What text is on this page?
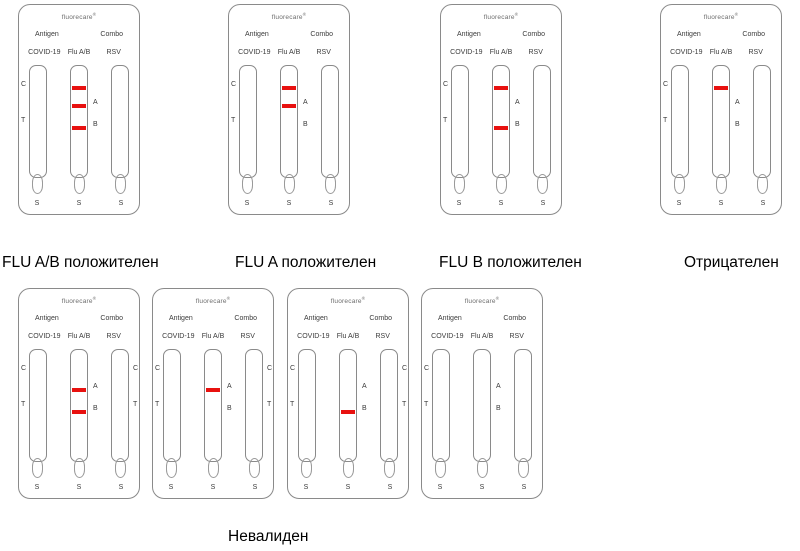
fluorecare®
Antigen	Combo
COVID-19	Flu A/B	RSV
C
T
A
B
S	S	S
fluorecare®
Antigen	Combo
COVID-19	Flu A/B	RSV
C
T
A
B
S	S	S
fluorecare®
Antigen	Combo
COVID-19	Flu A/B	RSV
C
T
A
B
S	S	S
fluorecare®
Antigen	Combo
COVID-19	Flu A/B	RSV
C
T
A
B
S	S	S
FLU A/B положителен	FLU A положителен	FLU B положителен	Отрицателен
fluorecare®
Antigen	Combo
COVID-19	Flu A/B	RSV
C
T
A
B
C
T
S	S	S
fluorecare®
Antigen	Combo
COVID-19	Flu A/B	RSV
C
T
A
B
C
T
S	S	S
fluorecare®
Antigen	Combo
COVID-19	Flu A/B	RSV
C
T
A
B
C
T
S	S	S
fluorecare®
Antigen	Combo
COVID-19	Flu A/B	RSV
C
T
A
B
S	S	S
Невалиден
